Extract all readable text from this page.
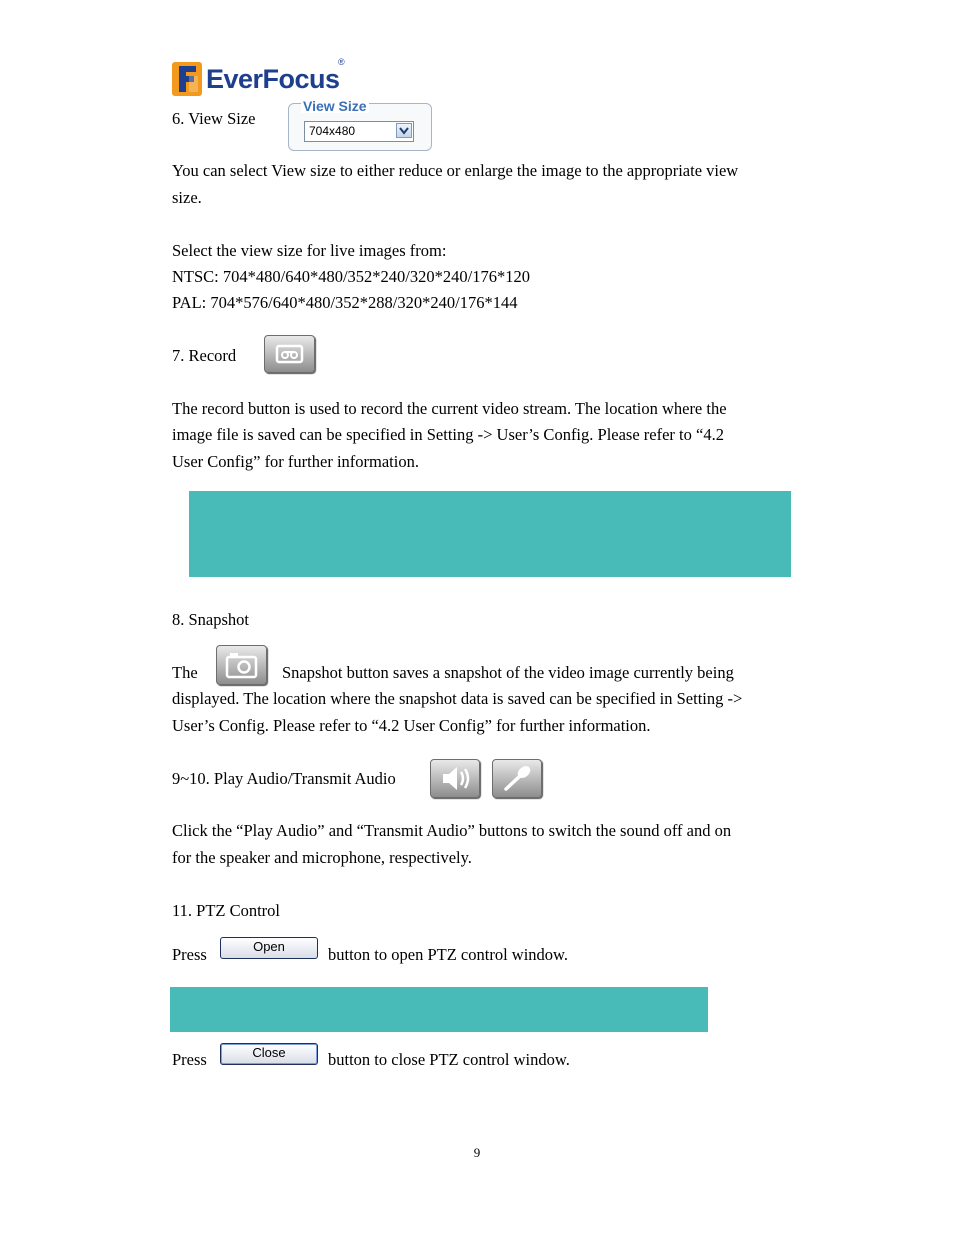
EverFocus
®
6. View Size
View Size
704x480
You can select View size to either reduce or enlarge the image to the appropriate view
size.
Select the view size for live images from:
NTSC: 704*480/640*480/352*240/320*240/176*120
PAL: 704*576/640*480/352*288/320*240/176*144
7. Record
The record button is used to record the current video stream. The location where the
image file is saved can be specified in Setting -> User’s Config. Please refer to “4.2
User Config” for further information.
8. Snapshot
The	Snapshot button saves a snapshot of the video image currently being
displayed. The location where the snapshot data is saved can be specified in Setting ->
User’s Config. Please refer to “4.2 User Config” for further information.
9~10. Play Audio/Transmit Audio
Click the “Play Audio” and “Transmit Audio” buttons to switch the sound off and on
for the speaker and microphone, respectively.
11. PTZ Control
Press	Open	button to open PTZ control window.
Press	Close	button to close PTZ control window.
9
